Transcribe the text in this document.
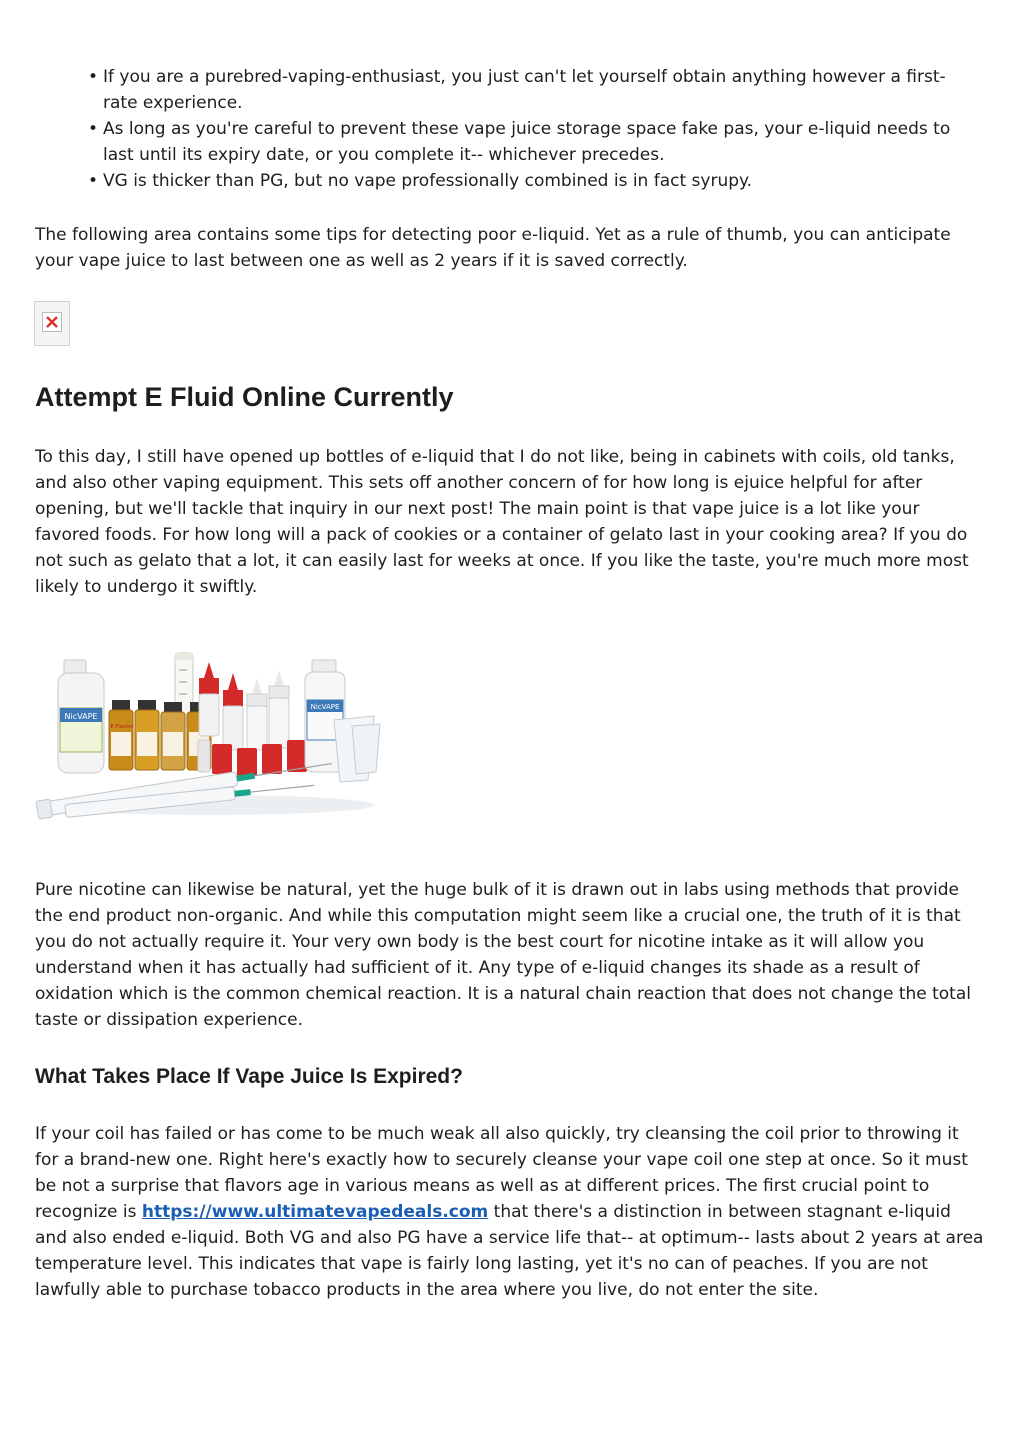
• If you are a purebred-vaping-enthusiast, you just can't let yourself obtain anything however a first-rate experience.
• As long as you're careful to prevent these vape juice storage space fake pas, your e-liquid needs to last until its expiry date, or you complete it-- whichever precedes.
• VG is thicker than PG, but no vape professionally combined is in fact syrupy.

The following area contains some tips for detecting poor e-liquid. Yet as a rule of thumb, you can anticipate your vape juice to last between one as well as 2 years if it is saved correctly.

Attempt E Fluid Online Currently

To this day, I still have opened up bottles of e-liquid that I do not like, being in cabinets with coils, old tanks, and also other vaping equipment. This sets off another concern of for how long is ejuice helpful for after opening, but we'll tackle that inquiry in our next post! The main point is that vape juice is a lot like your favored foods. For how long will a pack of cookies or a container of gelato last in your cooking area? If you do not such as gelato that a lot, it can easily last for weeks at once. If you like the taste, you're much more most likely to undergo it swiftly.

NicVAPE
E-Flavors
NicVAPE

Pure nicotine can likewise be natural, yet the huge bulk of it is drawn out in labs using methods that provide the end product non-organic. And while this computation might seem like a crucial one, the truth of it is that you do not actually require it. Your very own body is the best court for nicotine intake as it will allow you understand when it has actually had sufficient of it. Any type of e-liquid changes its shade as a result of oxidation which is the common chemical reaction. It is a natural chain reaction that does not change the total taste or dissipation experience.

What Takes Place If Vape Juice Is Expired?

If your coil has failed or has come to be much weak all also quickly, try cleansing the coil prior to throwing it for a brand-new one. Right here's exactly how to securely cleanse your vape coil one step at once. So it must be not a surprise that flavors age in various means as well as at different prices. The first crucial point to recognize is https://www.ultimatevapedeals.com that there's a distinction in between stagnant e-liquid and also ended e-liquid. Both VG and also PG have a service life that-- at optimum-- lasts about 2 years at area temperature level. This indicates that vape is fairly long lasting, yet it's no can of peaches. If you are not lawfully able to purchase tobacco products in the area where you live, do not enter the site.
